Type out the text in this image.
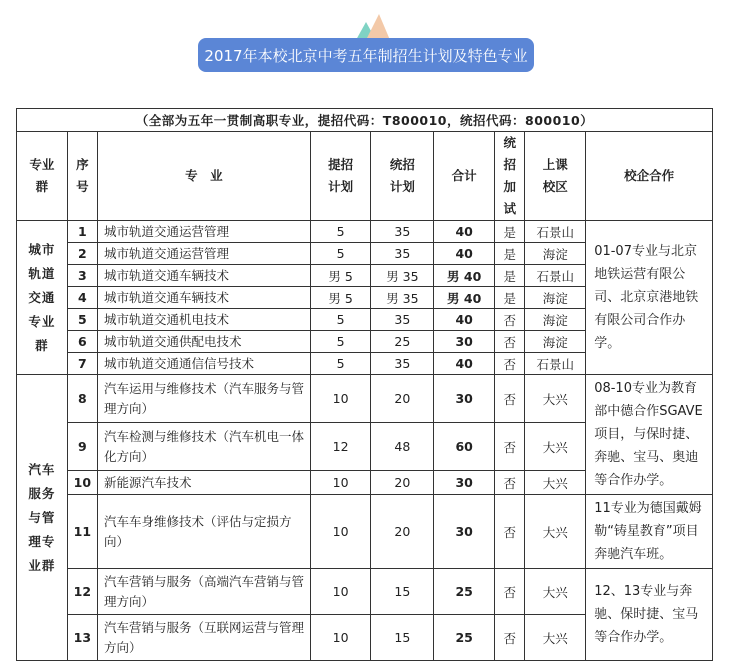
2017年本校北京中考五年制招生计划及特色专业
（全部为五年一贯制高职专业，提招代码：T800010，统招代码：800010）								
专业群	序号	专　业	提招计划	统招计划	合计	统招加试	上课校区	校企合作
城市轨道交通专业群	1	城市轨道交通运营管理	5	35	40	是	石景山	01-07专业与北京地铁运营有限公司、北京京港地铁有限公司合作办学。
	2	城市轨道交通运营管理	5	35	40	是	海淀	
	3	城市轨道交通车辆技术	男 5	男 35	男 40	是	石景山	
	4	城市轨道交通车辆技术	男 5	男 35	男 40	是	海淀	
	5	城市轨道交通机电技术	5	35	40	否	海淀	
	6	城市轨道交通供配电技术	5	25	30	否	海淀	
	7	城市轨道交通通信信号技术	5	35	40	否	石景山	
汽车服务与管理专业群	8	汽车运用与维修技术（汽车服务与管理方向）	10	20	30	否	大兴	08-10专业为教育部中德合作SGAVE项目，与保时捷、奔驰、宝马、奥迪等合作办学。
	9	汽车检测与维修技术（汽车机电一体化方向）	12	48	60	否	大兴	
	10	新能源汽车技术	10	20	30	否	大兴	
	11	汽车车身维修技术（评估与定损方向）	10	20	30	否	大兴	11专业为德国戴姆勒“铸星教育”项目奔驰汽车班。
	12	汽车营销与服务（高端汽车营销与管理方向）	10	15	25	否	大兴	12、13专业与奔驰、保时捷、宝马等合作办学。
	13	汽车营销与服务（互联网运营与管理方向）	10	15	25	否	大兴	
